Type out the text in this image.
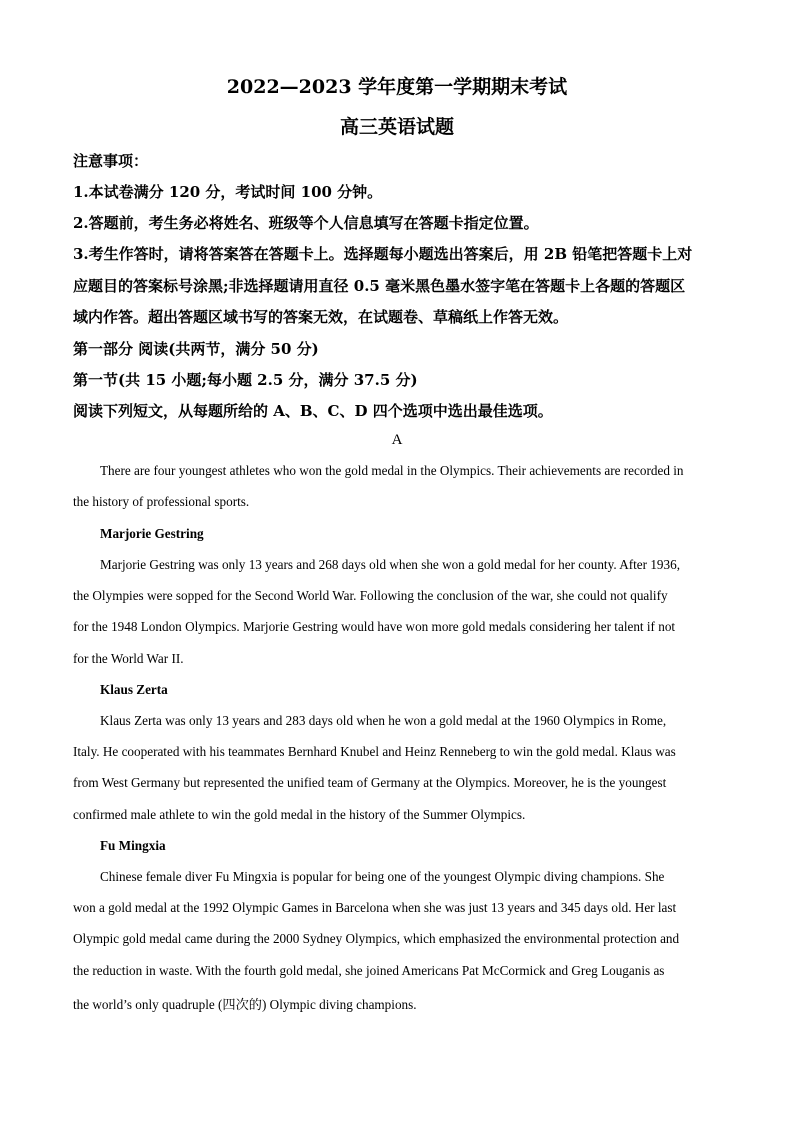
2022—2023 学年度第一学期期末考试
高三英语试题
注意事项：
1.本试卷满分 120 分，考试时间 100 分钟。
2.答题前，考生务必将姓名、班级等个人信息填写在答题卡指定位置。
3.考生作答时，请将答案答在答题卡上。选择题每小题选出答案后，用 2B 铅笔把答题卡上对
应题目的答案标号涂黑;非选择题请用直径 0.5 毫米黑色墨水签字笔在答题卡上各题的答题区
域内作答。超出答题区域书写的答案无效，在试题卷、草稿纸上作答无效。
第一部分 阅读(共两节，满分 50 分)
第一节(共 15 小题;每小题 2.5 分，满分 37.5 分)
阅读下列短文，从每题所给的 A、B、C、D 四个选项中选出最佳选项。
A
There are four youngest athletes who won the gold medal in the Olympics. Their achievements are recorded in
the history of professional sports.
Marjorie Gestring
Marjorie Gestring was only 13 years and 268 days old when she won a gold medal for her county. After 1936,
the Olympies were sopped for the Second World War. Following the conclusion of the war, she could not qualify
for the 1948 London Olympics. Marjorie Gestring would have won more gold medals considering her talent if not
for the World War II.
Klaus Zerta
Klaus Zerta was only 13 years and 283 days old when he won a gold medal at the 1960 Olympics in Rome,
Italy. He cooperated with his teammates Bernhard Knubel and Heinz Renneberg to win the gold medal. Klaus was
from West Germany but represented the unified team of Germany at the Olympics. Moreover, he is the youngest
confirmed male athlete to win the gold medal in the history of the Summer Olympics.
Fu Mingxia
Chinese female diver Fu Mingxia is popular for being one of the youngest Olympic diving champions. She
won a gold medal at the 1992 Olympic Games in Barcelona when she was just 13 years and 345 days old. Her last
Olympic gold medal came during the 2000 Sydney Olympics, which emphasized the environmental protection and
the reduction in waste. With the fourth gold medal, she joined Americans Pat McCormick and Greg Louganis as
the world’s only quadruple (四次的) Olympic diving champions.
